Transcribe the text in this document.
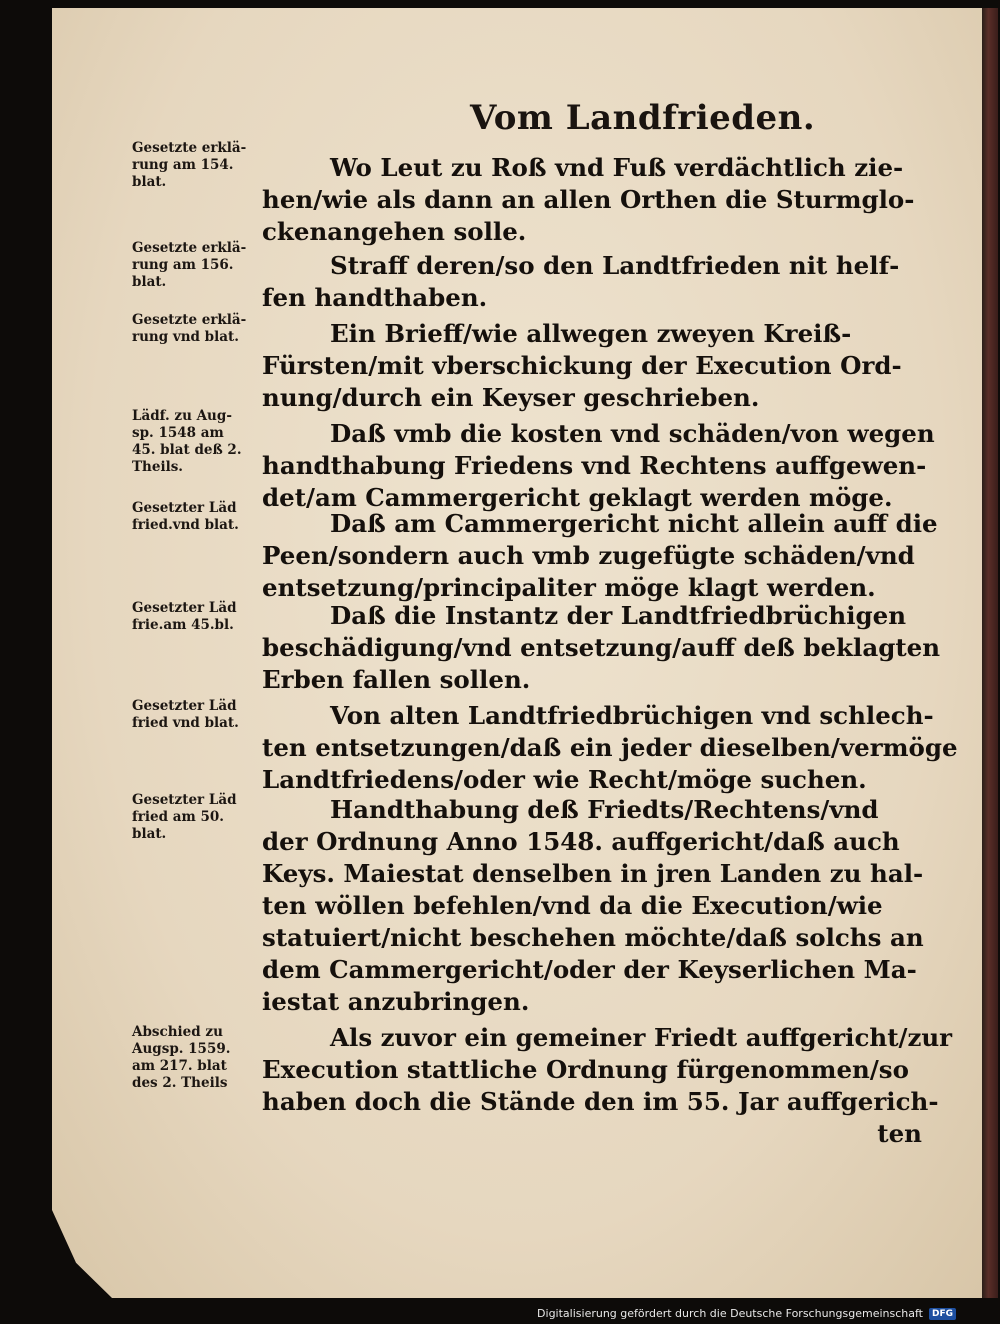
Vom Landfrieden.
Gesetzte erklä‑
rung am 154.
blat.	Wo Leut zu Roß vnd Fuß verdächtlich zie‑
hen/wie als dann an allen Orthen die Sturmglo‑
ckenangehen solle.
Gesetzte erklä‑
rung am 156.
blat.
Straff deren/so den Landtfrieden nit helf‑
fen handthaben.
Gesetzte erklä‑
rung vnd blat.	Ein Brieff/wie allwegen zweyen Kreiß‑
Fürsten/mit vberschickung der Execution Ord‑
nung/durch ein Keyser geschrieben.
Lädf. zu Aug‑
sp. 1548 am
45. blat deß 2.
Theils.
Daß vmb die kosten vnd schäden/von wegen
handthabung Friedens vnd Rechtens auffgewen‑
det/am Cammergericht geklagt werden möge.
Gesetzter Läd
fried.vnd blat.	Daß am Cammergericht nicht allein auff die
Peen/sondern auch vmb zugefügte schäden/vnd
entsetzung/principaliter möge klagt werden.
Gesetzter Läd
frie.am 45.bl.	Daß die Instantz der Landtfriedbrüchigen
beschädigung/vnd entsetzung/auff deß beklagten
Erben fallen sollen.
Gesetzter Läd
fried vnd blat.	Von alten Landtfriedbrüchigen vnd schlech‑
ten entsetzungen/daß ein jeder dieselben/vermöge
Landtfriedens/oder wie Recht/möge suchen.
Gesetzter Läd
fried am 50.
blat.
Handthabung deß Friedts/Rechtens/vnd
der Ordnung Anno 1548. auffgericht/daß auch
Keys. Maiestat denselben in jren Landen zu hal‑
ten wöllen befehlen/vnd da die Execution/wie
statuiert/nicht beschehen möchte/daß solchs an
dem Cammergericht/oder der Keyserlichen Ma‑
iestat anzubringen.
Abschied zu
Augsp. 1559.
am 217. blat
des 2. Theils
Als zuvor ein gemeiner Friedt auffgericht/zur
Execution stattliche Ordnung fürgenommen/so
haben doch die Stände den im 55. Jar auffgerich‑
ten
Digitalisierung gefördert durch die Deutsche Forschungsgemeinschaft	DFG
